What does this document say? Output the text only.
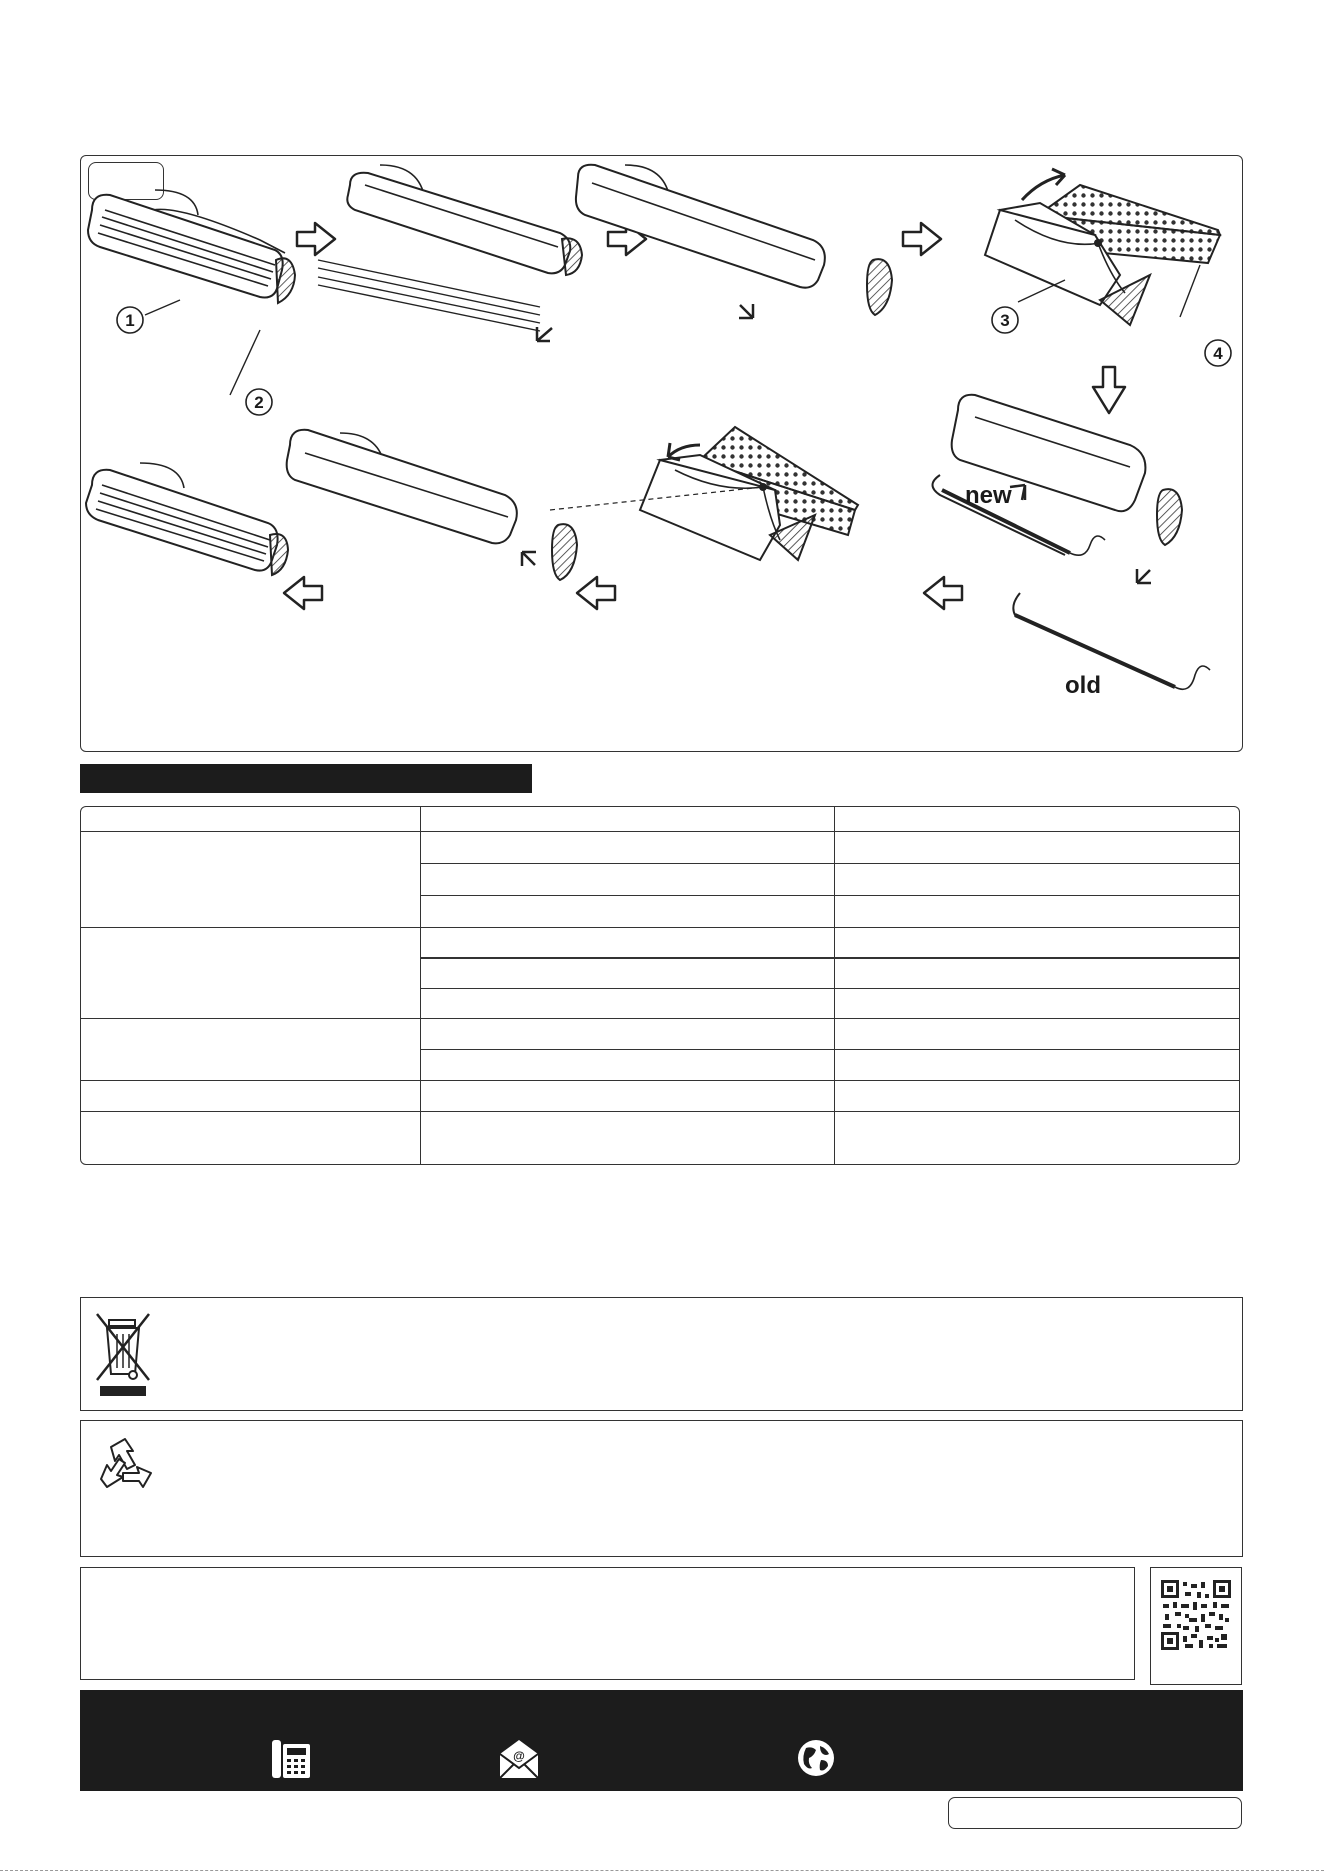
1
2
3
4
new
old
@
